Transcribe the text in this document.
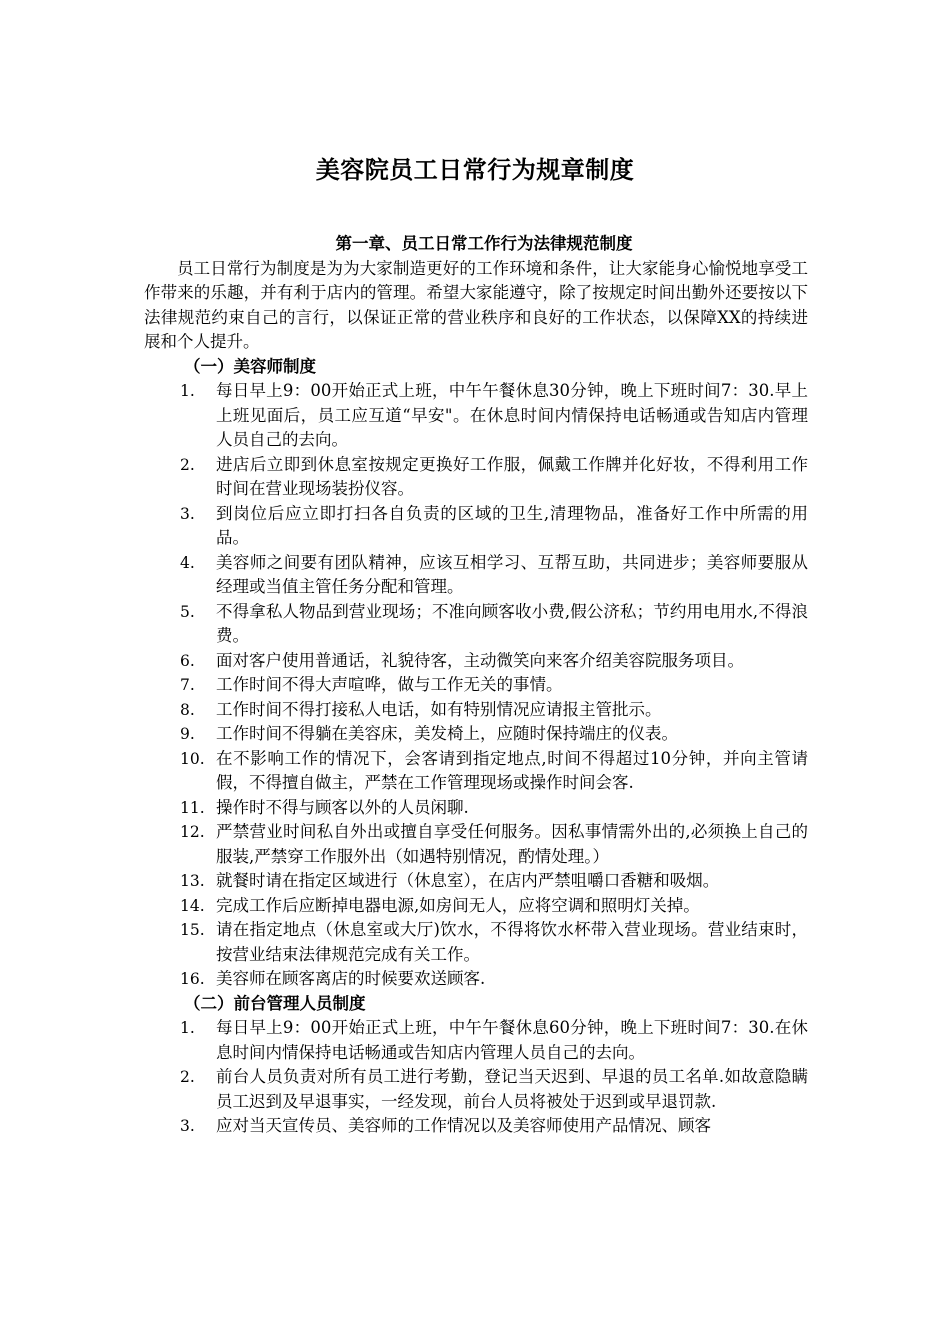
美容院员工日常行为规章制度

第一章、员工日常工作行为法律规范制度

员工日常行为制度是为为大家制造更好的工作环境和条件，让大家能身心愉悦地享受工作带来的乐趣，并有利于店内的管理。希望大家能遵守，除了按规定时间出勤外还要按以下法律规范约束自己的言行，以保证正常的营业秩序和良好的工作状态，以保障XX的持续进展和个人提升。

（一）美容师制度

1. 每日早上9：00开始正式上班，中午午餐休息30分钟，晚上下班时间7：30.早上上班见面后，员工应互道“早安"。在休息时间内情保持电话畅通或告知店内管理人员自己的去向。
2. 进店后立即到休息室按规定更换好工作服，佩戴工作牌并化好妆，不得利用工作时间在营业现场装扮仪容。
3. 到岗位后应立即打扫各自负责的区域的卫生,清理物品，准备好工作中所需的用品。
4. 美容师之间要有团队精神，应该互相学习、互帮互助，共同进步；美容师要服从经理或当值主管任务分配和管理。
5. 不得拿私人物品到营业现场；不准向顾客收小费,假公济私；节约用电用水,不得浪费。
6. 面对客户使用普通话，礼貌待客，主动微笑向来客介绍美容院服务项目。
7. 工作时间不得大声喧哗，做与工作无关的事情。
8. 工作时间不得打接私人电话，如有特别情况应请报主管批示。
9. 工作时间不得躺在美容床，美发椅上，应随时保持端庄的仪表。
10. 在不影响工作的情况下，会客请到指定地点,时间不得超过10分钟，并向主管请假，不得擅自做主，严禁在工作管理现场或操作时间会客.
11. 操作时不得与顾客以外的人员闲聊.
12. 严禁营业时间私自外出或擅自享受任何服务。因私事情需外出的,必须换上自己的服装,严禁穿工作服外出（如遇特别情况，酌情处理。）
13. 就餐时请在指定区域进行（休息室），在店内严禁咀嚼口香糖和吸烟。
14. 完成工作后应断掉电器电源,如房间无人，应将空调和照明灯关掉。
15. 请在指定地点（休息室或大厅)饮水，不得将饮水杯带入营业现场。营业结束时，按营业结束法律规范完成有关工作。
16. 美容师在顾客离店的时候要欢送顾客.

（二）前台管理人员制度

1. 每日早上9：00开始正式上班，中午午餐休息60分钟，晚上下班时间7：30.在休息时间内情保持电话畅通或告知店内管理人员自己的去向。
2. 前台人员负责对所有员工进行考勤，登记当天迟到、早退的员工名单.如故意隐瞒员工迟到及早退事实，一经发现，前台人员将被处于迟到或早退罚款.
3. 应对当天宣传员、美容师的工作情况以及美容师使用产品情况、顾客
